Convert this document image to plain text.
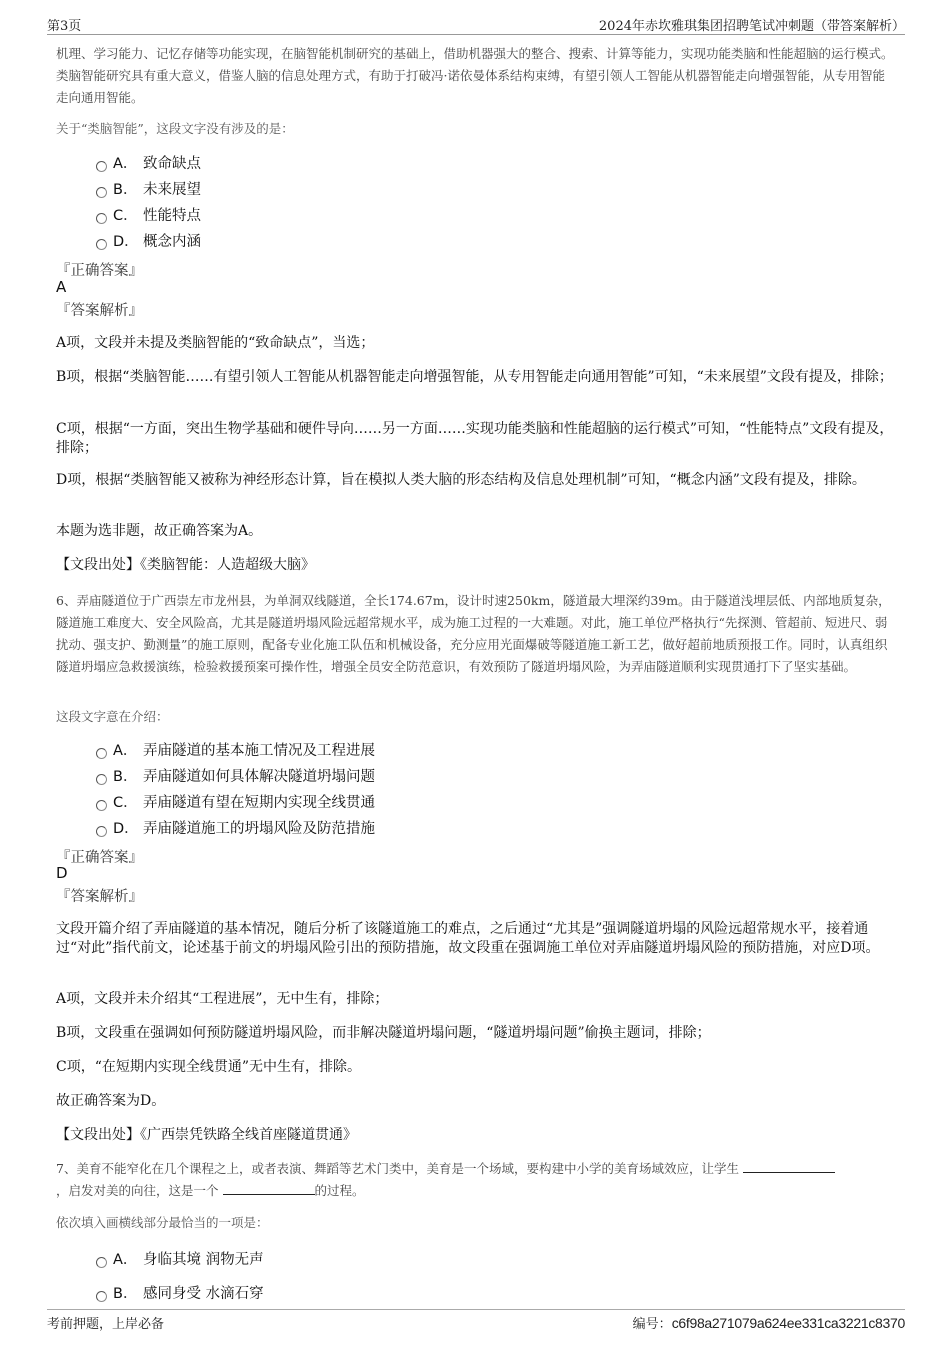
第3页	2024年赤坎雅琪集团招聘笔试冲刺题（带答案解析）
机理、学习能力、记忆存储等功能实现，在脑智能机制研究的基础上，借助机器强大的整合、搜索、计算等能力，实现功能类脑和性能超脑的运行模式。类脑智能研究具有重大意义，借鉴人脑的信息处理方式，有助于打破冯·诺依曼体系结构束缚，有望引领人工智能从机器智能走向增强智能，从专用智能走向通用智能。
关于“类脑智能”，这段文字没有涉及的是：
A． 致命缺点
B． 未来展望
C． 性能特点
D． 概念内涵
『正确答案』
A
『答案解析』
A项，文段并未提及类脑智能的“致命缺点”，当选；
B项，根据“类脑智能……有望引领人工智能从机器智能走向增强智能，从专用智能走向通用智能”可知，“未来展望”文段有提及，排除；
C项，根据“一方面，突出生物学基础和硬件导向……另一方面……实现功能类脑和性能超脑的运行模式”可知，“性能特点”文段有提及，排除；
D项，根据“类脑智能又被称为神经形态计算，旨在模拟人类大脑的形态结构及信息处理机制”可知，“概念内涵”文段有提及，排除。
本题为选非题，故正确答案为A。
【文段出处】《类脑智能：人造超级大脑》
6、弄庙隧道位于广西崇左市龙州县，为单洞双线隧道，全长174.67m，设计时速250km，隧道最大埋深约39m。由于隧道浅埋层低、内部地质复杂，隧道施工难度大、安全风险高，尤其是隧道坍塌风险远超常规水平，成为施工过程的一大难题。对此，施工单位严格执行“先探测、管超前、短进尺、弱扰动、强支护、勤测量”的施工原则，配备专业化施工队伍和机械设备，充分应用光面爆破等隧道施工新工艺，做好超前地质预报工作。同时，认真组织隧道坍塌应急救援演练，检验救援预案可操作性，增强全员安全防范意识，有效预防了隧道坍塌风险，为弄庙隧道顺利实现贯通打下了坚实基础。
这段文字意在介绍：
A． 弄庙隧道的基本施工情况及工程进展
B． 弄庙隧道如何具体解决隧道坍塌问题
C． 弄庙隧道有望在短期内实现全线贯通
D． 弄庙隧道施工的坍塌风险及防范措施
『正确答案』
D
『答案解析』
文段开篇介绍了弄庙隧道的基本情况，随后分析了该隧道施工的难点，之后通过“尤其是”强调隧道坍塌的风险远超常规水平，接着通过“对此”指代前文，论述基于前文的坍塌风险引出的预防措施，故文段重在强调施工单位对弄庙隧道坍塌风险的预防措施，对应D项。
A项，文段并未介绍其“工程进展”，无中生有，排除；
B项，文段重在强调如何预防隧道坍塌风险，而非解决隧道坍塌问题，“隧道坍塌问题”偷换主题词，排除；
C项，“在短期内实现全线贯通”无中生有，排除。
故正确答案为D。
【文段出处】《广西崇凭铁路全线首座隧道贯通》
7、美育不能窄化在几个课程之上，或者表演、舞蹈等艺术门类中，美育是一个场域，要构建中小学的美育场域效应，让学生
，启发对美的向往，这是一个	的过程。
依次填入画横线部分最恰当的一项是：
A． 身临其境 润物无声
B． 感同身受 水滴石穿
考前押题，上岸必备	编号：c6f98a271079a624ee331ca3221c8370
